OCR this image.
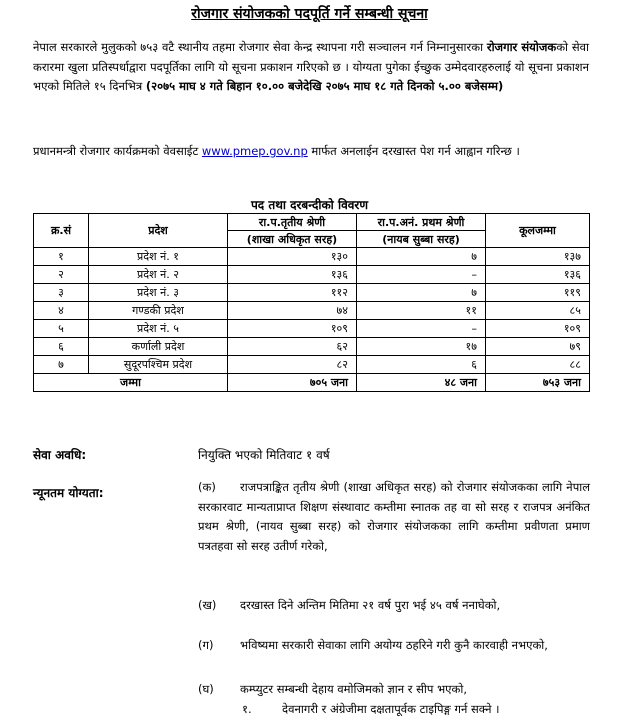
रोजगार संयोजकको पदपूर्ति गर्ने सम्बन्धी सूचना
नेपाल सरकारले मुलुकको ७५३ वटै स्थानीय तहमा रोजगार सेवा केन्द्र स्थापना गरी सञ्चालन गर्न निम्नानुसारका रोजगार संयोजकको सेवा करारमा खुला प्रतिस्पर्धाद्वारा पदपूर्तिका लागि यो सूचना प्रकाशन गरिएको छ । योग्यता पुगेका ईच्छुक उम्मेदवारहरुलाई यो सूचना प्रकाशन भएको मितिले १५ दिनभित्र (२०७५ माघ ४ गते बिहान १०.०० बजेदेखि २०७५ माघ १८ गते दिनको ५.०० बजेसम्म)
प्रधानमन्त्री रोजगार कार्यक्रमको वेवसाईट www.pmep.gov.np मार्फत अनलाईन दरखास्त पेश गर्न आह्वान गरिन्छ ।
पद तथा दरबन्दीको विवरण
क्र.सं	प्रदेश	रा.प.तृतीय श्रेणी	रा.प.अनं. प्रथम श्रेणी	कूलजम्मा
		(शाखा अधिकृत सरह)	(नायब सुब्बा सरह)	
१	प्रदेश नं. १	१३०	७	१३७
२	प्रदेश नं. २	१३६	–	१३६
३	प्रदेश नं. ३	११२	७	११९
४	गण्डकी प्रदेश	७४	११	८५
५	प्रदेश नं. ५	१०९	–	१०९
६	कर्णाली प्रदेश	६२	१७	७९
७	सुदूरपश्चिम प्रदेश	८२	६	८८
जम्मा		७०५ जना	४८ जना	७५३ जना
सेवा अवधि:	नियुक्ति भएको मितिवाट १ वर्ष
न्यूनतम योग्यता:	(क) राजपत्राङ्कित तृतीय श्रेणी (शाखा अधिकृत सरह) को रोजगार संयोजकका लागि नेपाल सरकारवाट मान्यताप्राप्त शिक्षण संस्थावाट कम्तीमा स्नातक तह वा सो सरह र राजपत्र अनंकित प्रथम श्रेणी, (नायव सुब्बा सरह) को रोजगार संयोजकका लागि कम्तीमा प्रवीणता प्रमाण पत्रतहवा सो सरह उतीर्ण गरेको,
(ख) दरखास्त दिने अन्तिम मितिमा २१ वर्ष पुरा भई ४५ वर्ष ननाघेको,
(ग) भविष्यमा सरकारी सेवाका लागि अयोग्य ठहरिने गरी कुनै कारवाही नभएको,
(घ) कम्प्युटर सम्बन्धी देहाय वमोजिमको ज्ञान र सीप भएको,
१.	देवनागरी र अंग्रेजीमा दक्षतापूर्वक टाइपिङ्ग गर्न सक्ने ।
